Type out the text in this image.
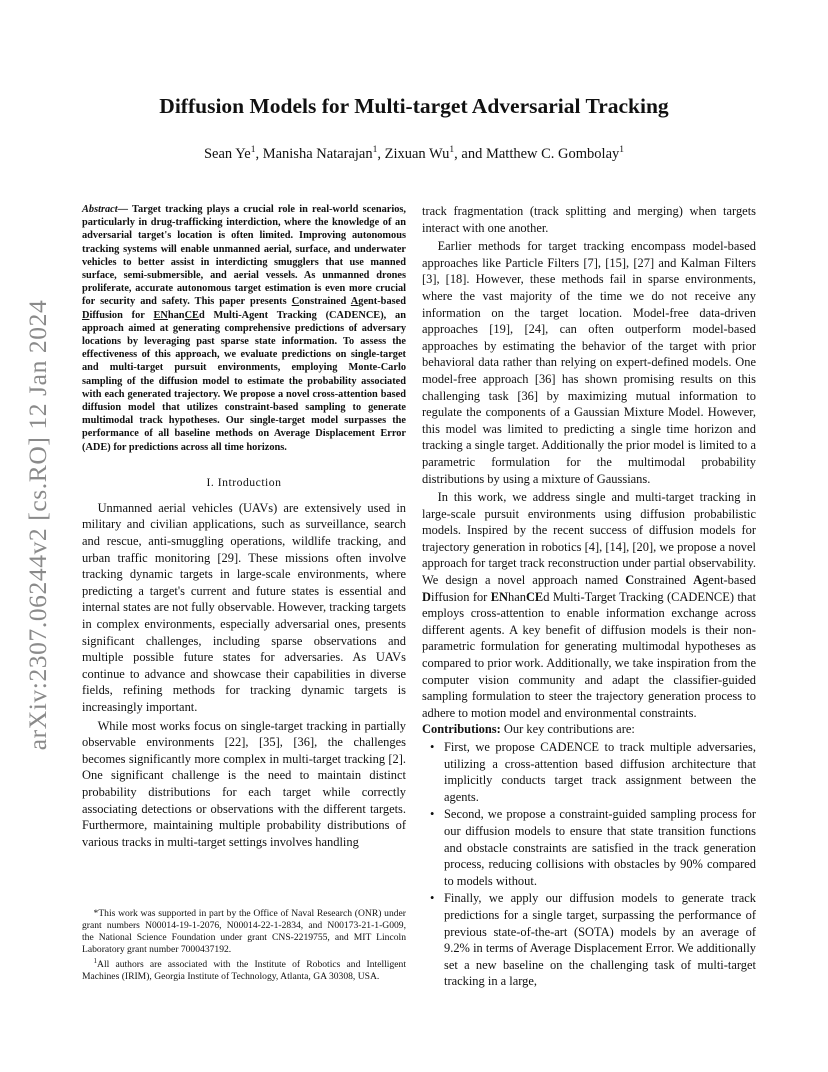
arXiv:2307.06244v2 [cs.RO] 12 Jan 2024
Diffusion Models for Multi-target Adversarial Tracking
Sean Ye$^1$, Manisha Natarajan$^1$, Zixuan Wu$^1$, and Matthew C. Gombolay$^1$
Abstract— Target tracking plays a crucial role in real-world scenarios, particularly in drug-trafficking interdiction, where the knowledge of an adversarial target's location is often limited. Improving autonomous tracking systems will enable unmanned aerial, surface, and underwater vehicles to better assist in interdicting smugglers that use manned surface, semi-submersible, and aerial vessels. As unmanned drones proliferate, accurate autonomous target estimation is even more crucial for security and safety. This paper presents Constrained Agent-based Diffusion for ENhanCEd Multi-Agent Tracking (CADENCE), an approach aimed at generating comprehensive predictions of adversary locations by leveraging past sparse state information. To assess the effectiveness of this approach, we evaluate predictions on single-target and multi-target pursuit environments, employing Monte-Carlo sampling of the diffusion model to estimate the probability associated with each generated trajectory. We propose a novel cross-attention based diffusion model that utilizes constraint-based sampling to generate multimodal track hypotheses. Our single-target model surpasses the performance of all baseline methods on Average Displacement Error (ADE) for predictions across all time horizons.
I. Introduction

Unmanned aerial vehicles (UAVs) are extensively used in military and civilian applications, such as surveillance, search and rescue, anti-smuggling operations, wildlife tracking, and urban traffic monitoring [29]. These missions often involve tracking dynamic targets in large-scale environments, where predicting a target's current and future states is essential and internal states are not fully observable. However, tracking targets in complex environments, especially adversarial ones, presents significant challenges, including sparse observations and multiple possible future states for adversaries. As UAVs continue to advance and showcase their capabilities in diverse fields, refining methods for tracking dynamic targets is increasingly important.

While most works focus on single-target tracking in partially observable environments [22], [35], [36], the challenges becomes significantly more complex in multi-target tracking [2]. One significant challenge is the need to maintain distinct probability distributions for each target while correctly associating detections or observations with the different targets. Furthermore, maintaining multiple probability distributions of various tracks in multi-target settings involves handling

*This work was supported in part by the Office of Naval Research (ONR) under grant numbers N00014-19-1-2076, N00014-22-1-2834, and N00173-21-1-G009, the National Science Foundation under grant CNS-2219755, and MIT Lincoln Laboratory grant number 7000437192.

$^1$All authors are associated with the Institute of Robotics and Intelligent Machines (IRIM), Georgia Institute of Technology, Atlanta, GA 30308, USA.

track fragmentation (track splitting and merging) when targets interact with one another.

Earlier methods for target tracking encompass model-based approaches like Particle Filters [7], [15], [27] and Kalman Filters [3], [18]. However, these methods fail in sparse environments, where the vast majority of the time we do not receive any information on the target location. Model-free data-driven approaches [19], [24], can often outperform model-based approaches by estimating the behavior of the target with prior behavioral data rather than relying on expert-defined models. One model-free approach [36] has shown promising results on this challenging task [36] by maximizing mutual information to regulate the components of a Gaussian Mixture Model. However, this model was limited to predicting a single time horizon and tracking a single target. Additionally the prior model is limited to a parametric formulation for the multimodal probability distributions by using a mixture of Gaussians.

In this work, we address single and multi-target tracking in large-scale pursuit environments using diffusion probabilistic models. Inspired by the recent success of diffusion models for trajectory generation in robotics [4], [14], [20], we propose a novel approach for target track reconstruction under partial observability. We design a novel approach named Constrained Agent-based Diffusion for ENhanCEd Multi-Target Tracking (CADENCE) that employs cross-attention to enable information exchange across different agents. A key benefit of diffusion models is their non-parametric formulation for generating multimodal hypotheses as compared to prior work. Additionally, we take inspiration from the computer vision community and adapt the classifier-guided sampling formulation to steer the trajectory generation process to adhere to motion model and environmental constraints.

Contributions: Our key contributions are:

• First, we propose CADENCE to track multiple adversaries, utilizing a cross-attention based diffusion architecture that implicitly conducts target track assignment between the agents.
• Second, we propose a constraint-guided sampling process for our diffusion models to ensure that state transition functions and obstacle constraints are satisfied in the track generation process, reducing collisions with obstacles by 90% compared to models without.
• Finally, we apply our diffusion models to generate track predictions for a single target, surpassing the performance of previous state-of-the-art (SOTA) models by an average of 9.2% in terms of Average Displacement Error. We additionally set a new baseline on the challenging task of multi-target tracking in a large,
